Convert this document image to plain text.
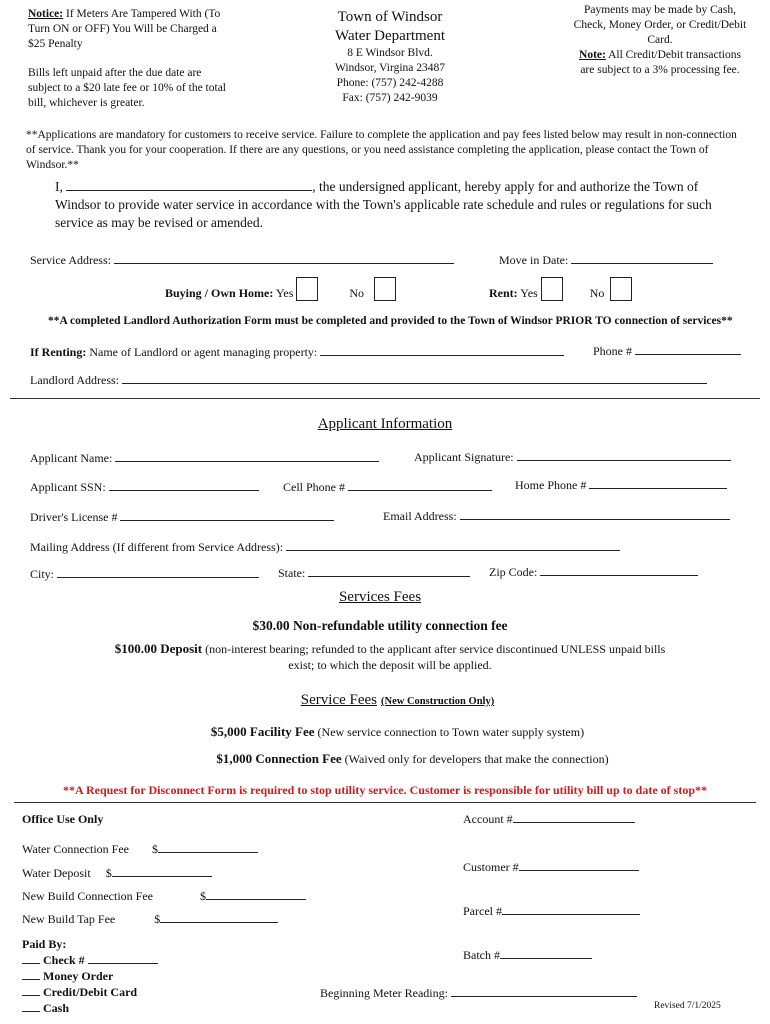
Notice: If Meters Are Tampered With (To Turn ON or OFF) You Will be Charged a $25 Penalty
Bills left unpaid after the due date are subject to a $20 late fee or 10% of the total bill, whichever is greater.
Town of Windsor
Water Department
8 E Windsor Blvd.
Windsor, Virgina 23487
Phone: (757) 242-4288
Fax: (757) 242-9039
Payments may be made by Cash, Check, Money Order, or Credit/Debit Card.
Note: All Credit/Debit transactions are subject to a 3% processing fee.
**Applications are mandatory for customers to receive service. Failure to complete the application and pay fees listed below may result in non-connection of service. Thank you for your cooperation. If there are any questions, or you need assistance completing the application, please contact the Town of Windsor.**
I,	, the undersigned applicant, hereby apply for and authorize the Town of Windsor to provide water service in accordance with the Town's applicable rate schedule and rules or regulations for such service as may be revised or amended.
Service Address:	Move in Date:
Buying / Own Home: Yes	No	Rent: Yes	No
**A completed Landlord Authorization Form must be completed and provided to the Town of Windsor PRIOR TO connection of services**
If Renting: Name of Landlord or agent managing property:	Phone #
Landlord Address:
Applicant Information
Applicant Name:	Applicant Signature:
Applicant SSN:	Cell Phone #	Home Phone #
Driver's License #	Email Address:
Mailing Address (If different from Service Address):
City:	State:	Zip Code:
Services Fees
$30.00 Non-refundable utility connection fee
$100.00 Deposit (non-interest bearing; refunded to the applicant after service discontinued UNLESS unpaid bills exist; to which the deposit will be applied.
Service Fees (New Construction Only)
$5,000 Facility Fee (New service connection to Town water supply system)
$1,000 Connection Fee (Waived only for developers that make the connection)
**A Request for Disconnect Form is required to stop utility service. Customer is responsible for utility bill up to date of stop**
Office Use Only
Water Connection Fee $
Water Deposit $
New Build Connection Fee	$
New Build Tap Fee	$
Paid By:
Check #
Money Order
Credit/Debit Card
Cash
Account #
Customer #
Parcel #
Batch #
Beginning Meter Reading:
Revised 7/1/2025
